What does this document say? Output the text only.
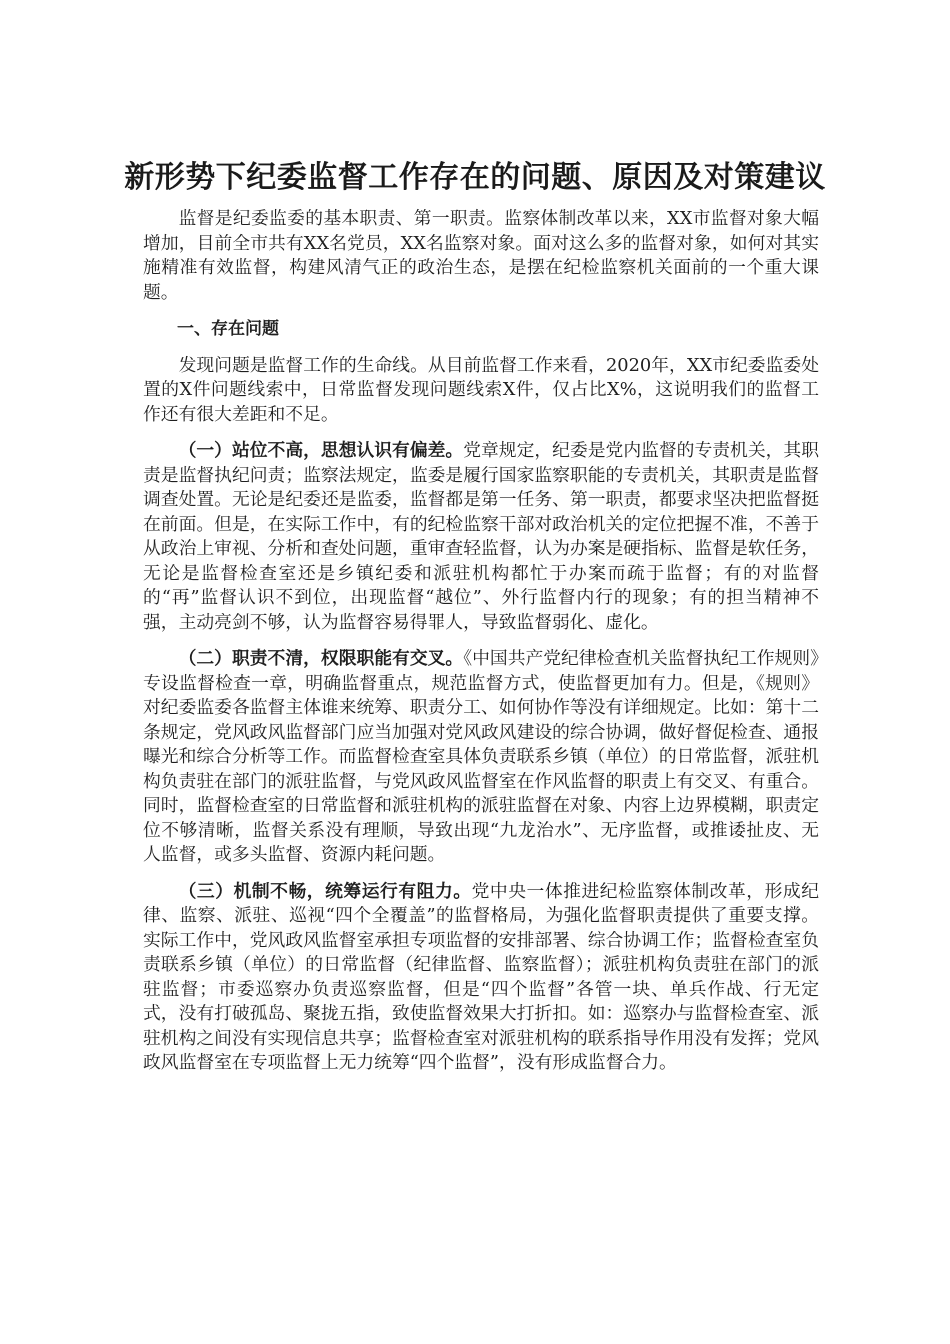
新形势下纪委监督工作存在的问题、原因及对策建议

监督是纪委监委的基本职责、第一职责。监察体制改革以来，XX市监督对象大幅增加，目前全市共有XX名党员，XX名监察对象。面对这么多的监督对象，如何对其实施精准有效监督，构建风清气正的政治生态，是摆在纪检监察机关面前的一个重大课题。

一、存在问题

发现问题是监督工作的生命线。从目前监督工作来看，2020年，XX市纪委监委处置的X件问题线索中，日常监督发现问题线索X件，仅占比X%，这说明我们的监督工作还有很大差距和不足。

（一）站位不高，思想认识有偏差。党章规定，纪委是党内监督的专责机关，其职责是监督执纪问责；监察法规定，监委是履行国家监察职能的专责机关，其职责是监督调查处置。无论是纪委还是监委，监督都是第一任务、第一职责，都要求坚决把监督挺在前面。但是，在实际工作中，有的纪检监察干部对政治机关的定位把握不准，不善于从政治上审视、分析和查处问题，重审查轻监督，认为办案是硬指标、监督是软任务，无论是监督检查室还是乡镇纪委和派驻机构都忙于办案而疏于监督；有的对监督的“再”监督认识不到位，出现监督“越位”、外行监督内行的现象；有的担当精神不强，主动亮剑不够，认为监督容易得罪人，导致监督弱化、虚化。

（二）职责不清，权限职能有交叉。《中国共产党纪律检查机关监督执纪工作规则》专设监督检查一章，明确监督重点，规范监督方式，使监督更加有力。但是，《规则》对纪委监委各监督主体谁来统筹、职责分工、如何协作等没有详细规定。比如：第十二条规定，党风政风监督部门应当加强对党风政风建设的综合协调，做好督促检查、通报曝光和综合分析等工作。而监督检查室具体负责联系乡镇（单位）的日常监督，派驻机构负责驻在部门的派驻监督，与党风政风监督室在作风监督的职责上有交叉、有重合。同时，监督检查室的日常监督和派驻机构的派驻监督在对象、内容上边界模糊，职责定位不够清晰，监督关系没有理顺，导致出现“九龙治水”、无序监督，或推诿扯皮、无人监督，或多头监督、资源内耗问题。

（三）机制不畅，统筹运行有阻力。党中央一体推进纪检监察体制改革，形成纪律、监察、派驻、巡视“四个全覆盖”的监督格局，为强化监督职责提供了重要支撑。实际工作中，党风政风监督室承担专项监督的安排部署、综合协调工作；监督检查室负责联系乡镇（单位）的日常监督（纪律监督、监察监督）；派驻机构负责驻在部门的派驻监督；市委巡察办负责巡察监督，但是“四个监督”各管一块、单兵作战、行无定式，没有打破孤岛、聚拢五指，致使监督效果大打折扣。如：巡察办与监督检查室、派驻机构之间没有实现信息共享；监督检查室对派驻机构的联系指导作用没有发挥；党风政风监督室在专项监督上无力统筹“四个监督”，没有形成监督合力。
